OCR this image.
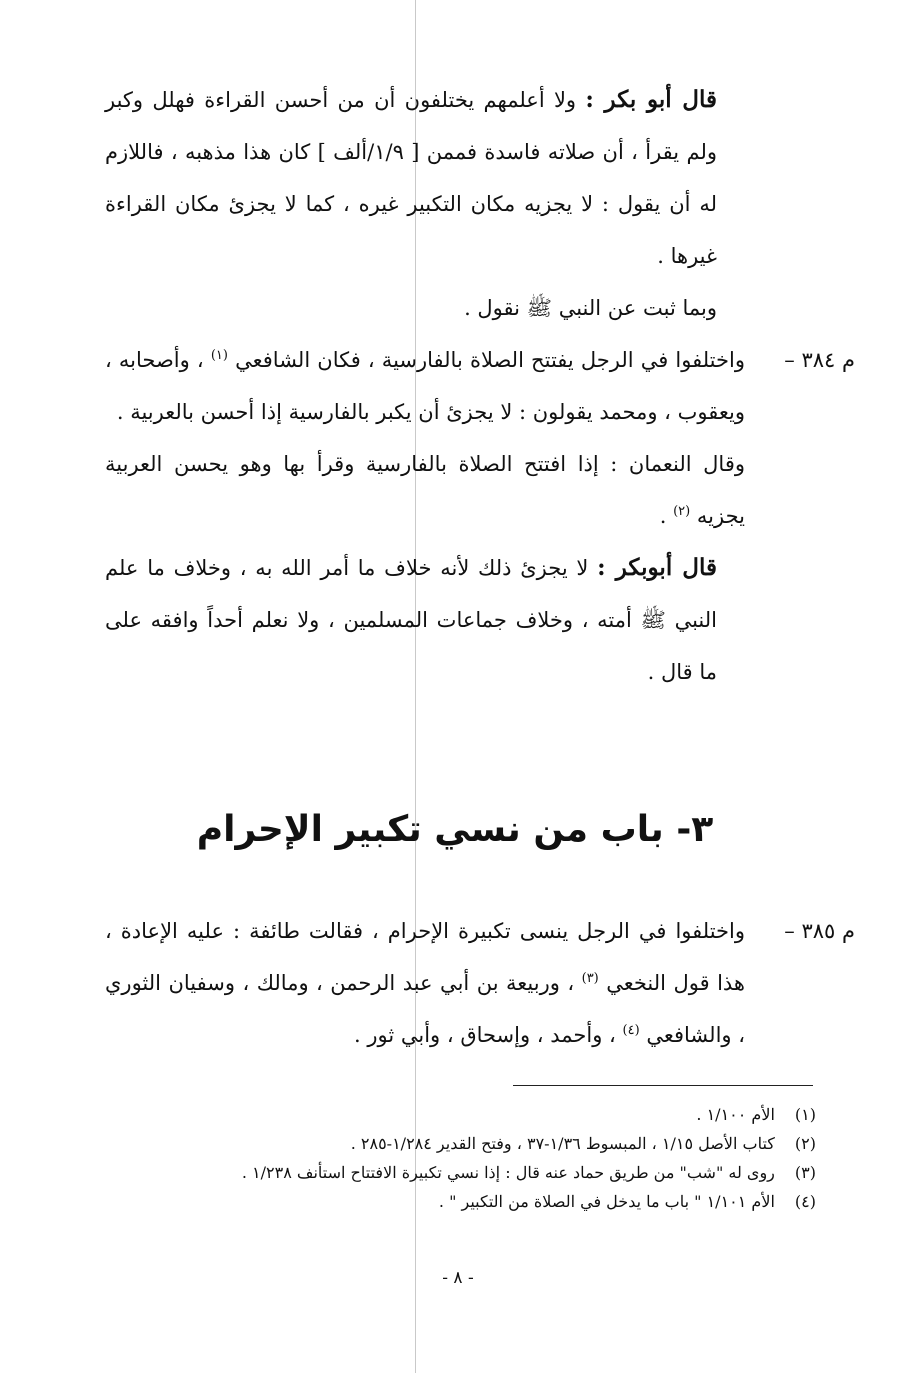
قال أبو بكر : ولا أعلمهم يختلفون أن من أحسن القراءة فهلل وكبر ولم يقرأ ، أن صلاته فاسدة فممن [ ١/٩/ألف ] كان هذا مذهبه ، فاللازم له أن يقول : لا يجزيه مكان التكبير غيره ، كما لا يجزئ مكان القراءة غيرها .

وبما ثبت عن النبي ﷺ نقول .

م ٣٨٤ –
واختلفوا في الرجل يفتتح الصلاة بالفارسية ، فكان الشافعي $^{(١)}$ ، وأصحابه ، ويعقوب ، ومحمد يقولون : لا يجزئ أن يكبر بالفارسية إذا أحسن بالعربية .

وقال النعمان : إذا افتتح الصلاة بالفارسية وقرأ بها وهو يحسن العربية يجزيه $^{(٢)}$ .

قال أبوبكر : لا يجزئ ذلك لأنه خلاف ما أمر الله به ، وخلاف ما علم النبي ﷺ أمته ، وخلاف جماعات المسلمين ، ولا نعلم أحداً وافقه على ما قال .

٣- باب من نسي تكبير الإحرام

م ٣٨٥ –
واختلفوا في الرجل ينسى تكبيرة الإحرام ، فقالت طائفة : عليه الإعادة ، هذا قول النخعي $^{(٣)}$ ، وربيعة بن أبي عبد الرحمن ، ومالك ، وسفيان الثوري ، والشافعي $^{(٤)}$ ، وأحمد ، وإسحاق ، وأبي ثور .

(١) الأم ١/١٠٠ .
(٢) كتاب الأصل ١/١٥ ، المبسوط ١/٣٦-٣٧ ، وفتح القدير ١/٢٨٤-٢٨٥ .
(٣) روى له "شب" من طريق حماد عنه قال : إذا نسي تكبيرة الافتتاح استأنف ١/٢٣٨ .
(٤) الأم ١/١٠١ " باب ما يدخل في الصلاة من التكبير " .
- ٨ -
